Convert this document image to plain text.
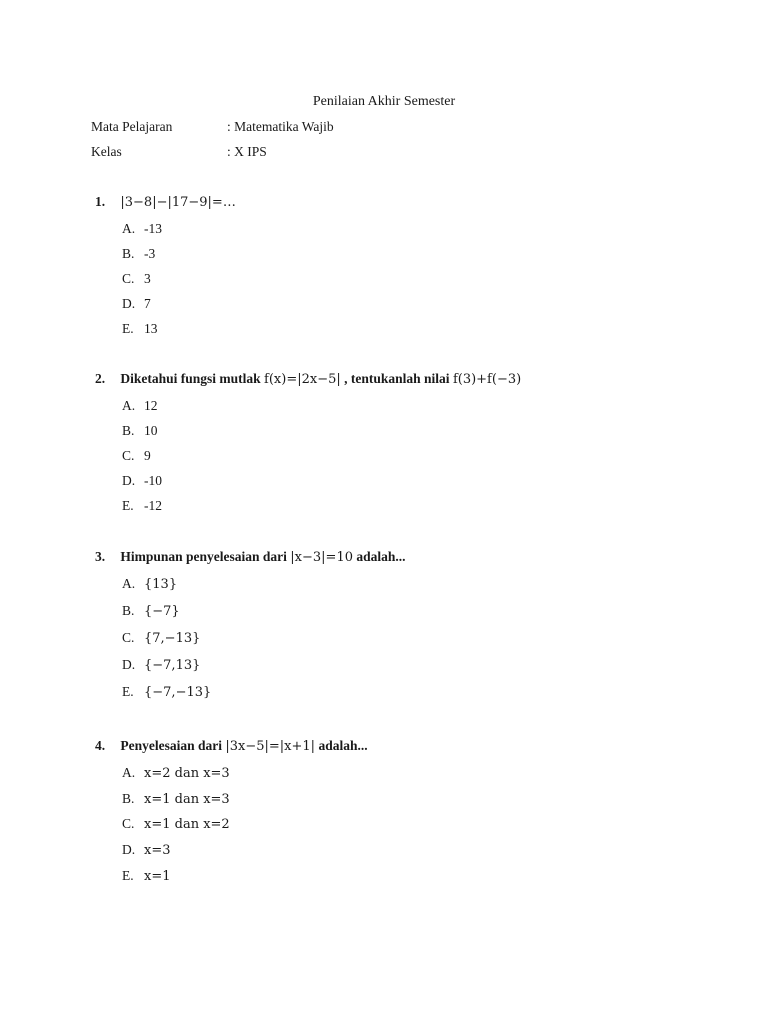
Penilaian Akhir Semester
Mata Pelajaran	: Matematika Wajib
Kelas	: X IPS
1. |3−8|−|17−9|=…
A. -13
B. -3
C. 3
D. 7
E. 13
2. Diketahui fungsi mutlak f(x)=|2x−5| , tentukanlah nilai f(3)+f(−3)
A. 12
B. 10
C. 9
D. -10
E. -12
3. Himpunan penyelesaian dari |x−3|=10 adalah...
A. {13}
B. {−7}
C. {7,−13}
D. {−7,13}
E. {−7,−13}
4. Penyelesaian dari |3x−5|=|x+1| adalah...
A. x=2 dan x=3
B. x=1 dan x=3
C. x=1 dan x=2
D. x=3
E. x=1
